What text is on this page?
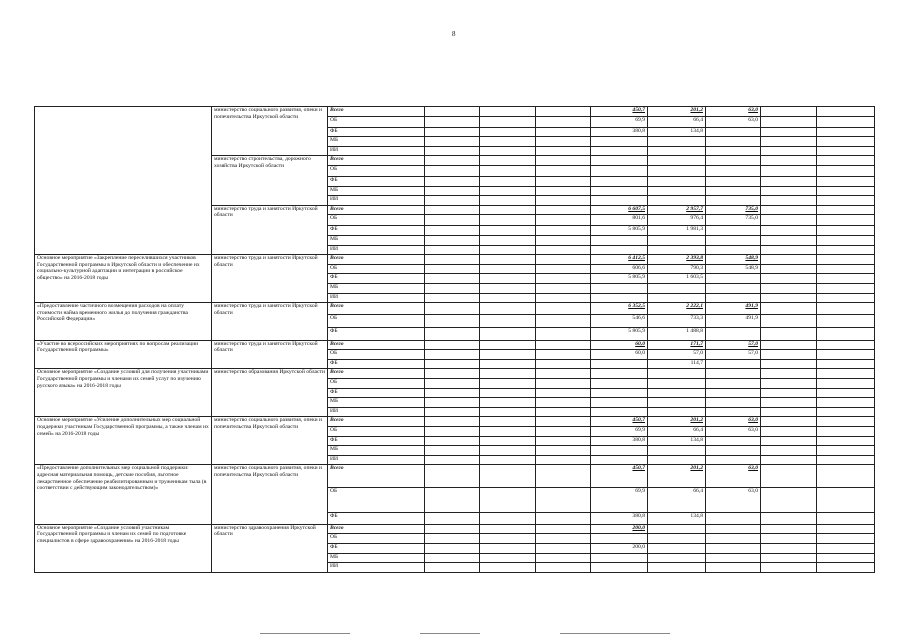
8
	министерство социального развития, опеки и попечительства Иркутской области	Всего				450,7	201,2	63,0		
		ОБ				69,9	66,4	63,0		
		ФБ				380,8	134,8			
		МБ								
		ИИ								
	министерство строительства, дорожного хозяйства Иркутской области	Всего								
		ОБ								
		ФБ								
		МБ								
		ИИ								
	министерство труда и занятости Иркутской области	Всего				6 607,5	2 957,7	735,0		
		ОБ				801,6	976,4	735,0		
		ФБ				5 805,9	1 981,3			
		МБ								
		ИИ								
Основное мероприятие «Закрепление переселившихся участников Государственной программы в Иркутской области и обеспечение их социально-культурной адаптации и интеграции в российское общество» на 2016-2018 годы	министерство труда и занятости Иркутской области	Всего				6 412,5	2 393,8	548,9		
		ОБ				606,6	790,3	548,9		
		ФБ				5 805,9	1 603,5			
		МБ								
		ИИ								
«Предоставление частичного возмещения расходов на оплату стоимости найма временного жилья до получения гражданства Российской Федерации»	министерство труда и занятости Иркутской области	Всего				6 352,5	2 222,1	491,9		
		ОБ				546,6	733,3	491,9		
		ФБ				5 805,9	1 488,8			
«Участие во всероссийских мероприятиях по вопросам реализации Государственной программы»	министерство труда и занятости Иркутской области	Всего				60,0	171,7	57,0		
		ОБ				60,0	57,0	57,0		
		ФБ					114,7			
Основное мероприятие «Создание условий для получения участниками Государственной программы и членами их семей услуг по изучению русского языка» на 2016-2018 годы	министерство образования Иркутской области	Всего								
		ОБ								
		ФБ								
		МБ								
		ИИ								
Основное мероприятие «Усиление дополнительных мер социальной поддержки участникам Государственной программы, а также членам их семей» на 2016-2018 годы	министерство социального развития, опеки и попечительства Иркутской области	Всего				450,7	201,2	63,0		
		ОБ				69,9	66,4	63,0		
		ФБ				380,8	134,8			
		МБ								
		ИИ								
«Предоставление дополнительных мер социальной поддержки: адресная материальная помощь, детские пособия, льготное лекарственное обеспечение реабилитированным и труженикам тыла (в соответствии с действующим законодательством)»	министерство социального развития, опеки и попечительства Иркутской области	Всего				450,7	201,2	63,0		
		ОБ				69,9	66,4	63,0		
		ФБ				380,8	134,8			
Основное мероприятие «Создание условий участникам Государственной программы и членам их семей по подготовке специалистов в сфере здравоохранения» на 2016-2018 годы	министерство здравоохранения Иркутской области	Всего				200,0				
		ОБ								
		ФБ				200,0				
		МБ								
		ИИ								
